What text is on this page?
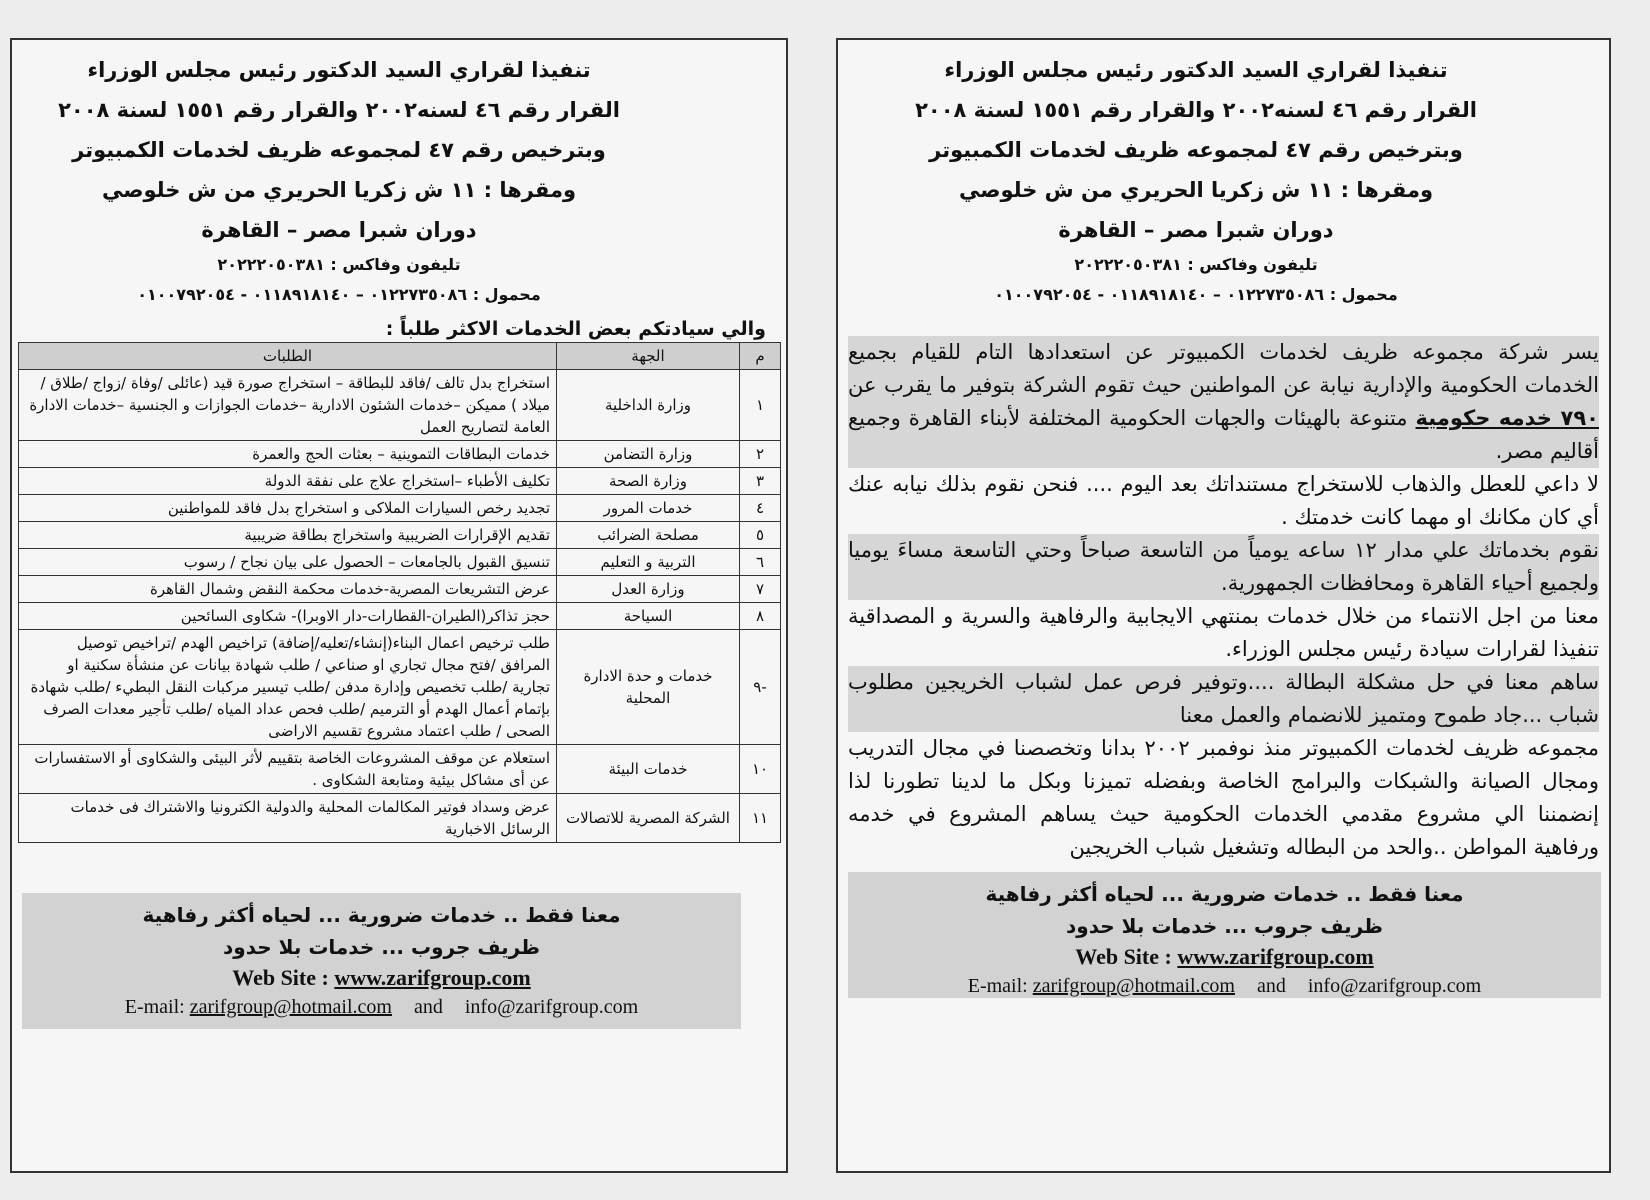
تنفيذا لقراري السيد الدكتور رئيس مجلس الوزراء
القرار رقم ٤٦ لسنه٢٠٠٢ والقرار رقم ١٥٥١ لسنة ٢٠٠٨
وبترخيص رقم ٤٧ لمجموعه ظريف لخدمات الكمبيوتر
ومقرها : ١١ ش زكريا الحريري من ش خلوصي
دوران شبرا مصر – القاهرة
تليفون وفاكس : ٢٠٢٢٢٠٥٠٣٨١
محمول : ٠١٢٢٧٣٥٠٨٦ – ٠١١٨٩١٨١٤٠ - ٠١٠٠٧٩٢٠٥٤
والي سيادتكم بعض الخدمات الاكثر طلباً :
م	الجهة	الطلبات
١	وزارة الداخلية	استخراج بدل تالف /فاقد للبطاقة – استخراج صورة قيد (عائلى /وفاة /زواج /طلاق / ميلاد ) مميكن –خدمات الشئون الادارية –خدمات الجوازات و الجنسية –خدمات الادارة العامة لتصاريح العمل
٢	وزارة التضامن	خدمات البطاقات التموينية – بعثات الحج والعمرة
٣	وزارة الصحة	تكليف الأطباء –استخراج علاج على نفقة الدولة
٤	خدمات المرور	تجديد رخص السيارات الملاكى و استخراج بدل فاقد للمواطنين
٥	مصلحة الضرائب	تقديم الإقرارات الضريبية واستخراج بطاقة ضريبية
٦	التربية و التعليم	تنسيق القبول بالجامعات – الحصول على بيان نجاح / رسوب
٧	وزارة العدل	عرض التشريعات المصرية-خدمات محكمة النقض وشمال القاهرة
٨	السياحة	حجز تذاكر(الطيران-القطارات-دار الاوبرا)- شكاوى السائحين
-٩	خدمات و حدة الادارة المحلية	طلب ترخيص اعمال البناء(إنشاء/تعليه/إضافة) تراخيص الهدم /تراخيص توصيل المرافق /فتح مجال تجاري او صناعي / طلب شهادة بيانات عن منشأة سكنية او تجارية /طلب تخصيص وإدارة مدفن /طلب تيسير مركبات النقل البطيء /طلب شهادة بإتمام أعمال الهدم أو الترميم /طلب فحص عداد المياه /طلب تأجير معدات الصرف الصحى / طلب اعتماد مشروع تقسيم الاراضى
١٠	خدمات البيئة	استعلام عن موقف المشروعات الخاصة بتقييم لأثر البيئى والشكاوى أو الاستفسارات عن أى مشاكل بيئية ومتابعة الشكاوى .
١١	الشركة المصرية للاتصالات	عرض وسداد فوتير المكالمات المحلية والدولية الكترونيا والاشتراك فى خدمات الرسائل الاخبارية
معنا فقط .. خدمات ضرورية ... لحياه أكثر رفاهية
ظريف جروب ... خدمات بلا حدود
Web Site : www.zarifgroup.com
E-mail: zarifgroup@hotmail.com and info@zarifgroup.com
تنفيذا لقراري السيد الدكتور رئيس مجلس الوزراء
القرار رقم ٤٦ لسنه٢٠٠٢ والقرار رقم ١٥٥١ لسنة ٢٠٠٨
وبترخيص رقم ٤٧ لمجموعه ظريف لخدمات الكمبيوتر
ومقرها : ١١ ش زكريا الحريري من ش خلوصي
دوران شبرا مصر – القاهرة
تليفون وفاكس : ٢٠٢٢٢٠٥٠٣٨١
محمول : ٠١٢٢٧٣٥٠٨٦ – ٠١١٨٩١٨١٤٠ - ٠١٠٠٧٩٢٠٥٤

يسر شركة مجموعه ظريف لخدمات الكمبيوتر عن استعدادها التام للقيام بجميع الخدمات الحكومية والإدارية نيابة عن المواطنين حيث تقوم الشركة بتوفير ما يقرب عن ٧٩٠ خدمه حكومية متنوعة بالهيئات والجهات الحكومية المختلفة لأبناء القاهرة وجميع أقاليم مصر.

لا داعي للعطل والذهاب للاستخراج مستنداتك بعد اليوم .... فنحن نقوم بذلك نيابه عنك أي كان مكانك او مهما كانت خدمتك .

نقوم بخدماتك علي مدار ١٢ ساعه يومياً من التاسعة صباحاً وحتي التاسعة مساءَ يوميا ولجميع أحياء القاهرة ومحافظات الجمهورية.

معنا من اجل الانتماء من خلال خدمات بمنتهي الايجابية والرفاهية والسرية و المصداقية تنفيذا لقرارات سيادة رئيس مجلس الوزراء.

ساهم معنا في حل مشكلة البطالة ....وتوفير فرص عمل لشباب الخريجين مطلوب شباب ...جاد طموح ومتميز للانضمام والعمل معنا

مجموعه ظريف لخدمات الكمبيوتر منذ نوفمبر ٢٠٠٢ بدانا وتخصصنا في مجال التدريب ومجال الصيانة والشبكات والبرامج الخاصة وبفضله تميزنا وبكل ما لدينا تطورنا لذا إنضمننا الي مشروع مقدمي الخدمات الحكومية حيث يساهم المشروع في خدمه ورفاهية المواطن ..والحد من البطاله وتشغيل شباب الخريجين

معنا فقط .. خدمات ضرورية ... لحياه أكثر رفاهية
ظريف جروب ... خدمات بلا حدود
Web Site : www.zarifgroup.com
E-mail: zarifgroup@hotmail.com and info@zarifgroup.com
